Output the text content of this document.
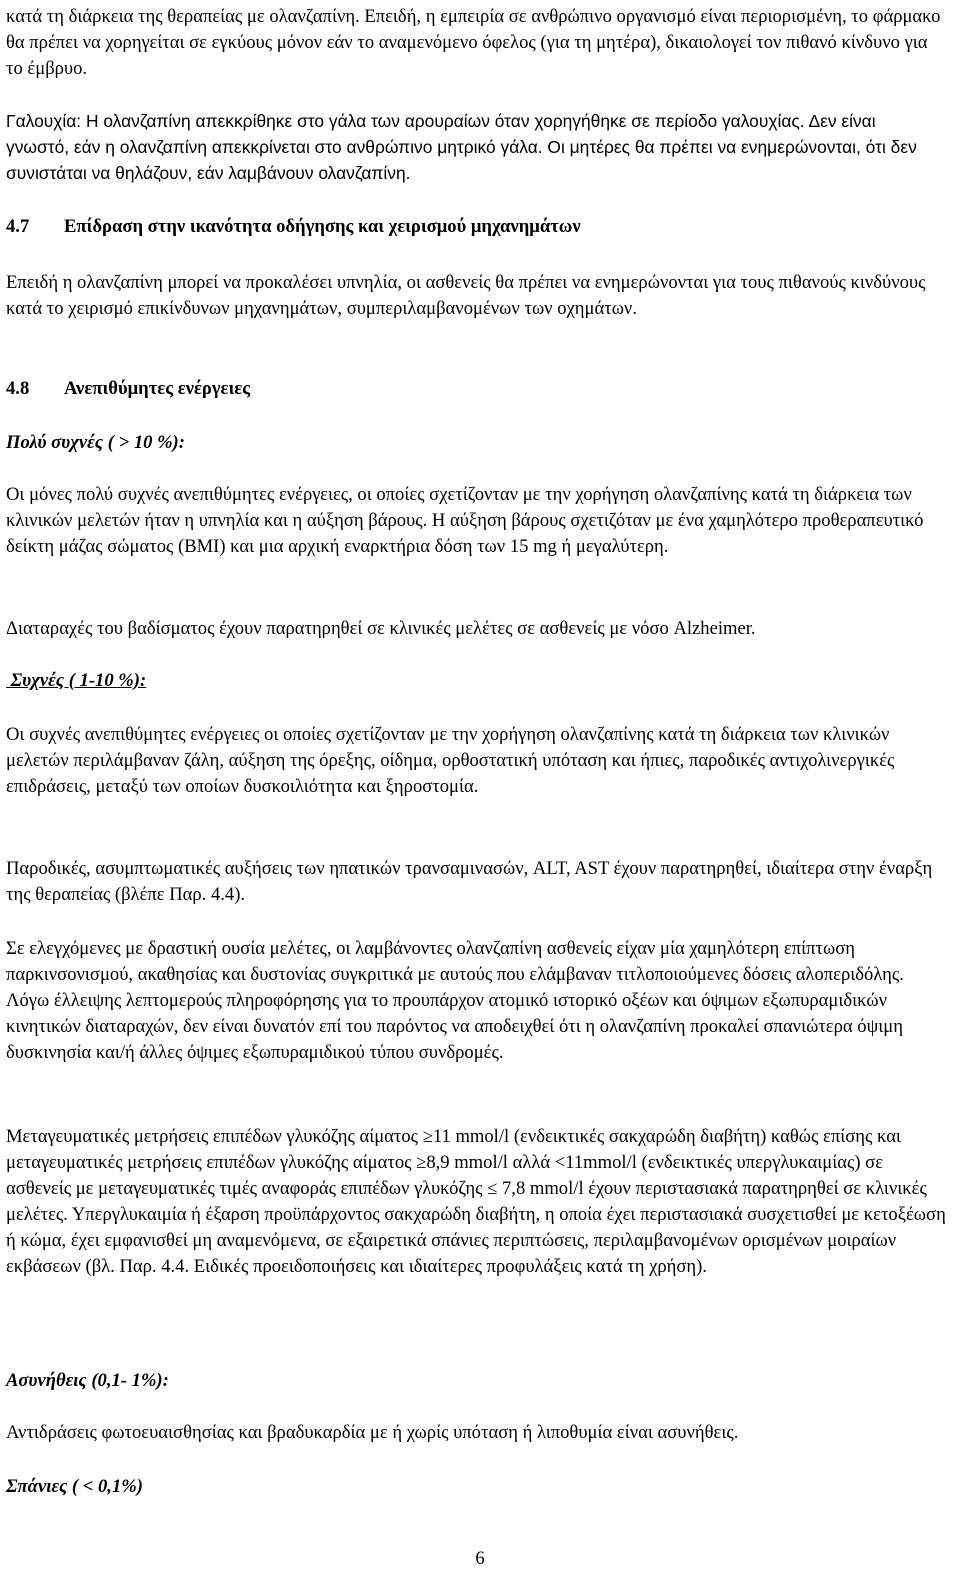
κατά τη διάρκεια της θεραπείας με ολανζαπίνη. Επειδή, η εμπειρία σε ανθρώπινο οργανισμό είναι περιορισμένη, το φάρμακο θα πρέπει να χορηγείται σε εγκύους μόνον εάν το αναμενόμενο όφελος (για τη μητέρα), δικαιολογεί τον πιθανό κίνδυνο για το έμβρυο.

Γαλουχία: Η ολανζαπίνη απεκκρίθηκε στο γάλα των αρουραίων όταν χορηγήθηκε σε περίοδο γαλουχίας. Δεν είναι γνωστό, εάν η ολανζαπίνη απεκκρίνεται στο ανθρώπινο μητρικό γάλα. Οι μητέρες θα πρέπει να ενημερώνονται, ότι δεν συνιστάται να θηλάζουν, εάν λαμβάνουν ολανζαπίνη.

4.7	Επίδραση στην ικανότητα οδήγησης και χειρισμού μηχανημάτων

Επειδή η ολανζαπίνη μπορεί να προκαλέσει υπνηλία, οι ασθενείς θα πρέπει να ενημερώνονται για τους πιθανούς κινδύνους κατά το χειρισμό επικίνδυνων μηχανημάτων, συμπεριλαμβανομένων των οχημάτων.

4.8	Ανεπιθύμητες ενέργειες

Πολύ συχνές ( > 10 %):

Οι μόνες πολύ συχνές ανεπιθύμητες ενέργειες, οι οποίες σχετίζονταν με την χορήγηση ολανζαπίνης κατά τη διάρκεια των κλινικών μελετών ήταν η υπνηλία και η αύξηση βάρους. Η αύξηση βάρους σχετιζόταν με ένα χαμηλότερο προθεραπευτικό δείκτη μάζας σώματος (BMI) και μια αρχική εναρκτήρια δόση των 15 mg ή μεγαλύτερη.

Διαταραχές του βαδίσματος έχουν παρατηρηθεί σε κλινικές μελέτες σε ασθενείς με νόσο Alzheimer.

Συχνές ( 1-10 %):

Οι συχνές ανεπιθύμητες ενέργειες οι οποίες σχετίζονταν με την χορήγηση ολανζαπίνης κατά τη διάρκεια των κλινικών μελετών περιλάμβαναν ζάλη, αύξηση της όρεξης, οίδημα, ορθοστατική υπόταση και ήπιες, παροδικές αντιχολινεργικές επιδράσεις, μεταξύ των οποίων δυσκοιλιότητα και ξηροστομία.

Παροδικές, ασυμπτωματικές αυξήσεις των ηπατικών τρανσαμινασών, ALT, AST έχουν παρατηρηθεί, ιδιαίτερα στην έναρξη της θεραπείας (βλέπε Παρ. 4.4).

Σε ελεγχόμενες με δραστική ουσία μελέτες, οι λαμβάνοντες ολανζαπίνη ασθενείς είχαν μία χαμηλότερη επίπτωση παρκινσονισμού, ακαθησίας και δυστονίας συγκριτικά με αυτούς που ελάμβαναν τιτλοποιούμενες δόσεις αλοπεριδόλης. Λόγω έλλειψης λεπτομερούς πληροφόρησης για το προυπάρχον ατομικό ιστορικό οξέων και όψιμων εξωπυραμιδικών κινητικών διαταραχών, δεν είναι δυνατόν επί του παρόντος να αποδειχθεί ότι η ολανζαπίνη προκαλεί σπανιώτερα όψιμη δυσκινησία και/ή άλλες όψιμες εξωπυραμιδικού τύπου συνδρομές.

Μεταγευματικές μετρήσεις επιπέδων γλυκόζης αίματος ≥11 mmol/l (ενδεικτικές σακχαρώδη διαβήτη) καθώς επίσης και μεταγευματικές μετρήσεις επιπέδων γλυκόζης αίματος ≥8,9 mmol/l αλλά <11mmol/l (ενδεικτικές υπεργλυκαιμίας) σε ασθενείς με μεταγευματικές τιμές αναφοράς επιπέδων γλυκόζης ≤ 7,8 mmol/l έχουν περιστασιακά παρατηρηθεί σε κλινικές μελέτες. Υπεργλυκαιμία ή έξαρση προϋπάρχοντος σακχαρώδη διαβήτη, η οποία έχει περιστασιακά συσχετισθεί με κετοξέωση ή κώμα, έχει εμφανισθεί μη αναμενόμενα, σε εξαιρετικά σπάνιες περιπτώσεις, περιλαμβανομένων ορισμένων μοιραίων εκβάσεων (βλ. Παρ. 4.4. Ειδικές προειδοποιήσεις και ιδιαίτερες προφυλάξεις κατά τη χρήση).

Ασυνήθεις (0,1- 1%):

Αντιδράσεις φωτοευαισθησίας και βραδυκαρδία με ή χωρίς υπόταση ή λιποθυμία είναι ασυνήθεις.

Σπάνιες ( < 0,1%)

6
